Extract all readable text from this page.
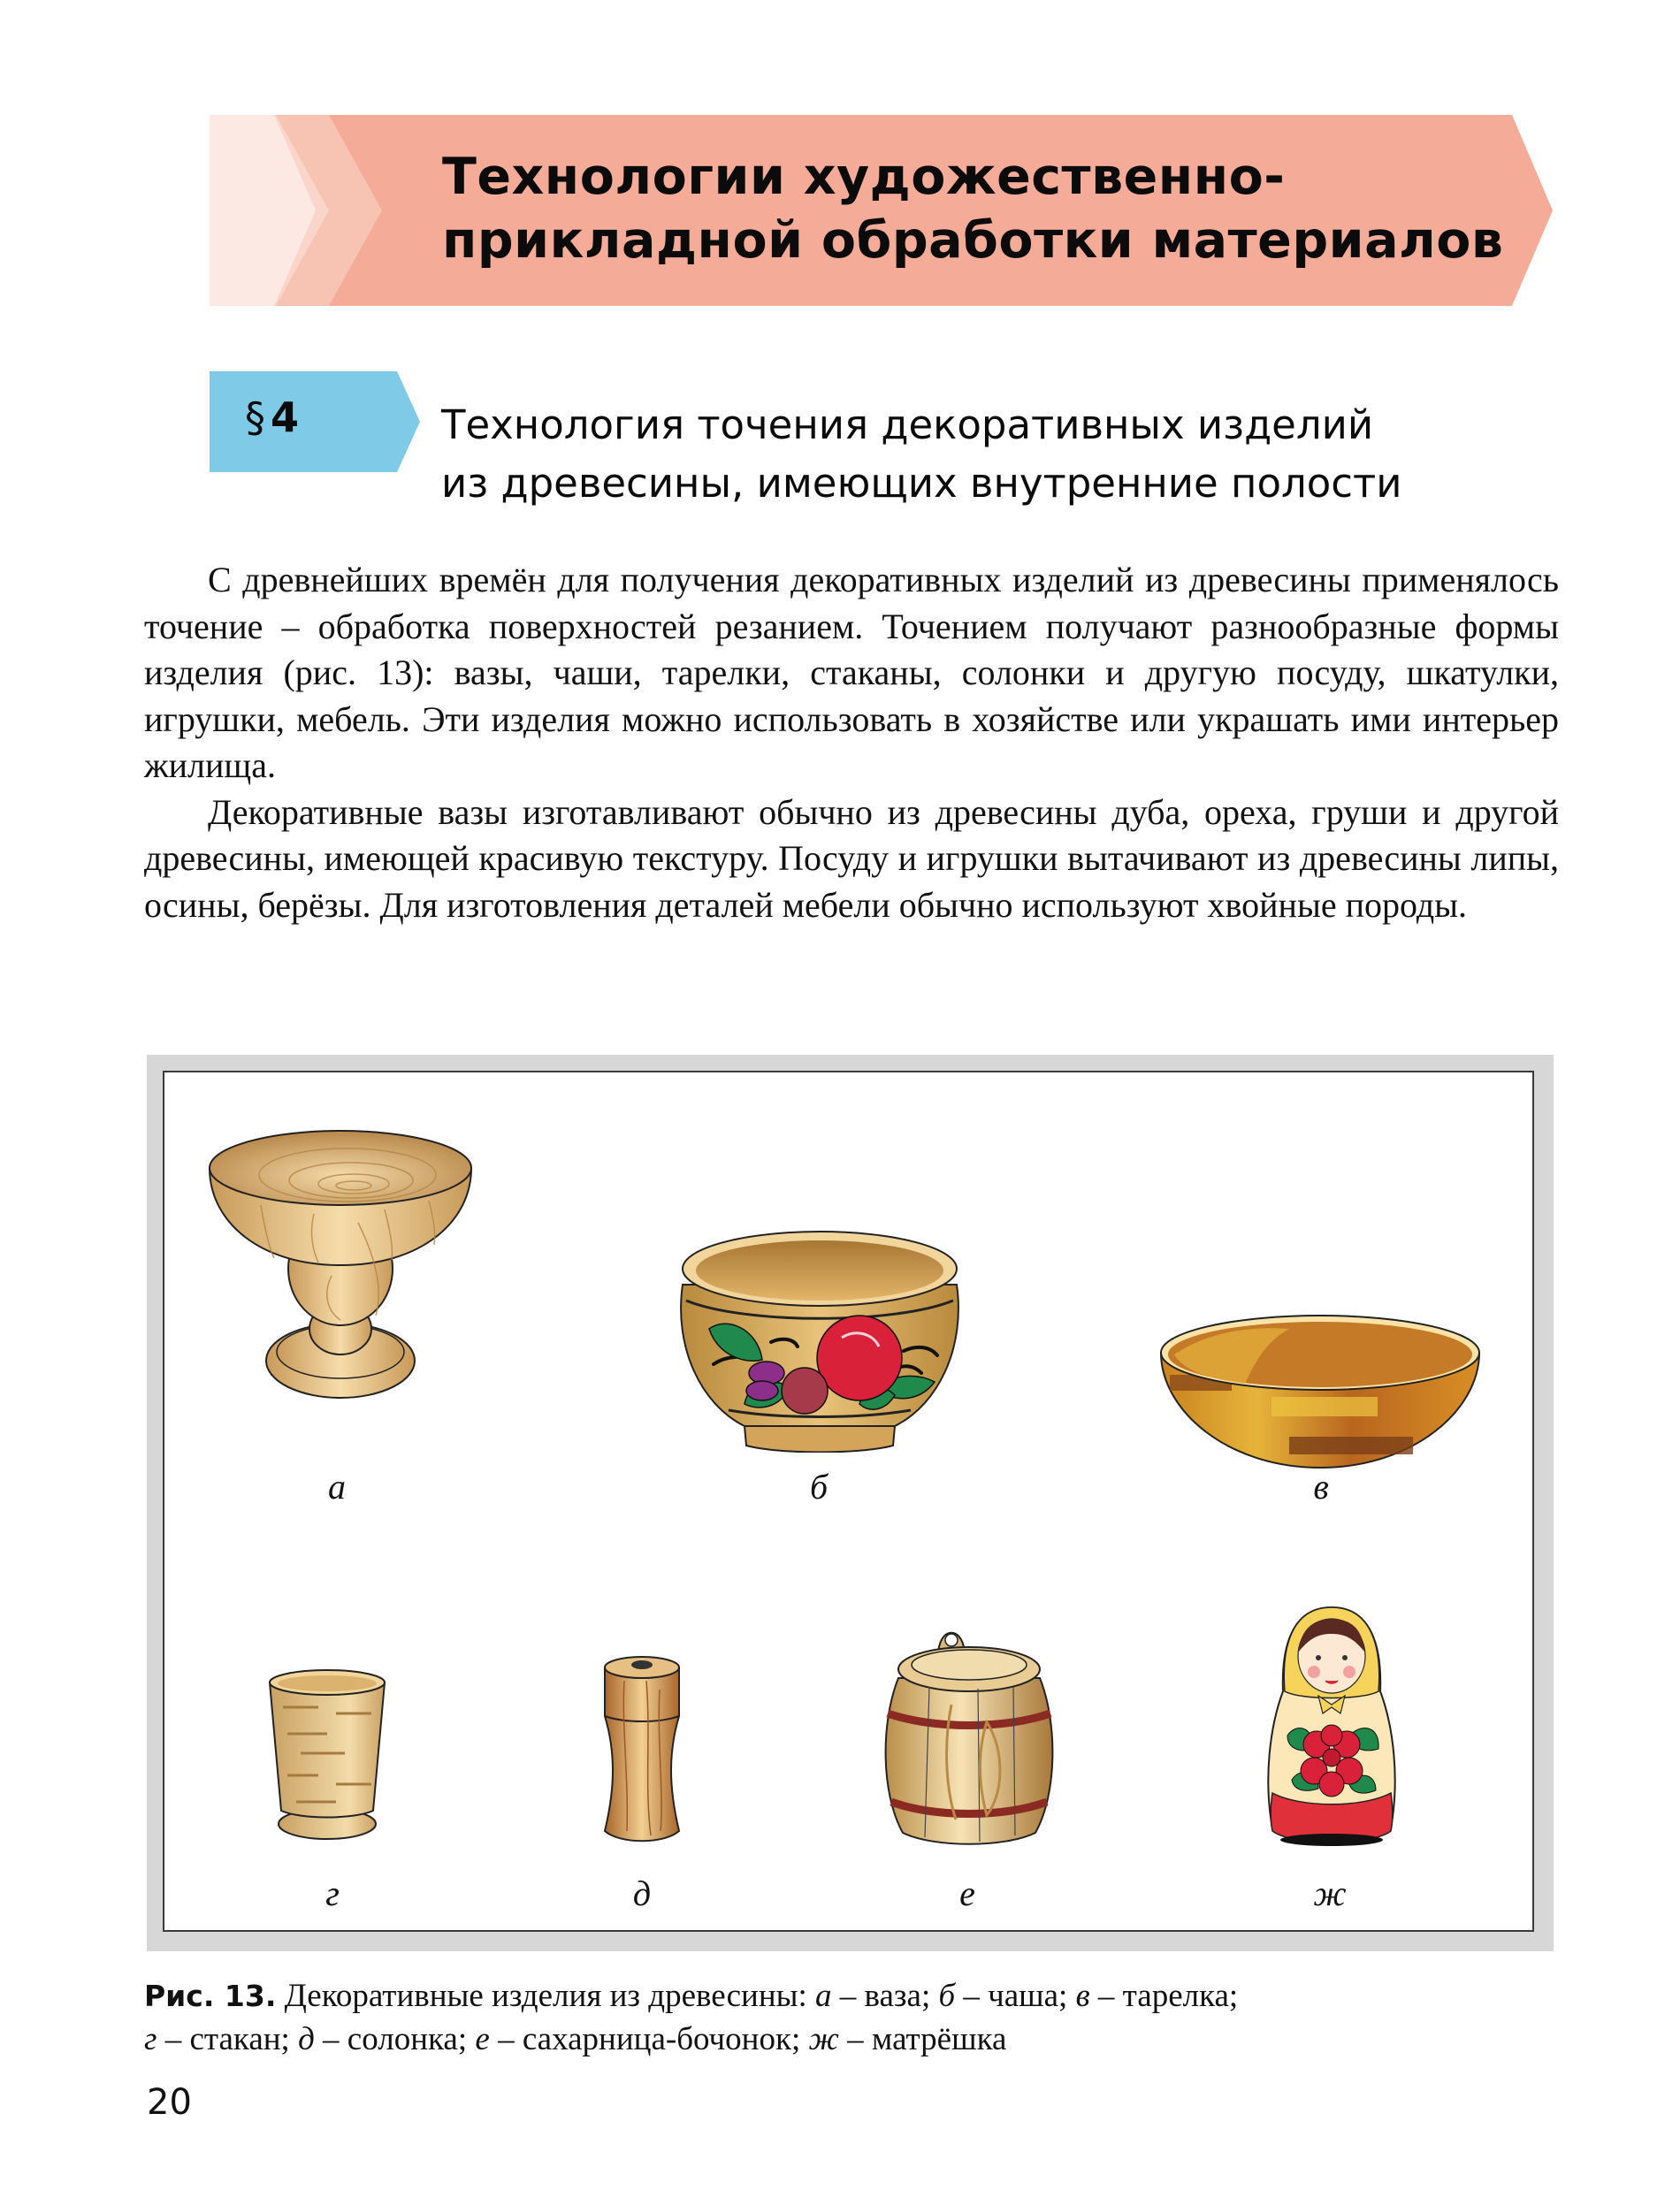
Технологии художественно-
прикладной обработки материалов
§ 4	Технология точения декоративных изделий
из древесины, имеющих внутренние полости

С древнейших времён для получения декоративных изделий из древесины применялось точение – обработка поверхностей резанием. Точением получают разнообразные формы изделия (рис. 13): вазы, чаши, тарелки, стаканы, солонки и другую посуду, шкатулки, игрушки, мебель. Эти изделия можно использовать в хозяйстве или украшать ими интерьер жилища.

Декоративные вазы изготавливают обычно из древесины дуба, ореха, груши и другой древесины, имеющей красивую текстуру. Посуду и игрушки вытачивают из древесины липы, осины, берёзы. Для изготовления деталей мебели обычно используют хвойные породы.

а	б	в
г	д	е	ж
Рис. 13. Декоративные изделия из древесины: а – ваза; б – чаша; в – тарелка;
г – стакан; д – солонка; е – сахарница-бочонок; ж – матрёшка
20
